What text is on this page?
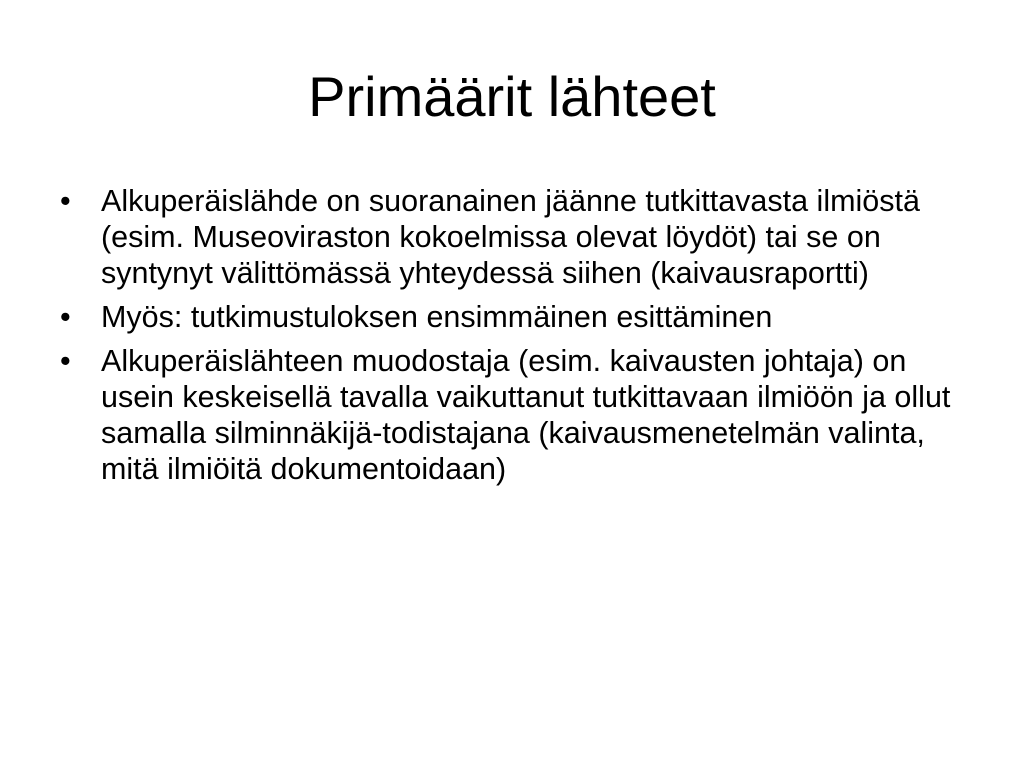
Primäärit lähteet
• Alkuperäislähde on suoranainen jäänne tutkittavasta ilmiöstä (esim. Museoviraston kokoelmissa olevat löydöt) tai se on syntynyt välittömässä yhteydessä siihen (kaivausraportti)
• Myös: tutkimustuloksen ensimmäinen esittäminen
• Alkuperäislähteen muodostaja (esim. kaivausten johtaja) on usein keskeisellä tavalla vaikuttanut tutkittavaan ilmiöön ja ollut samalla silminnäkijä-todistajana (kaivausmenetelmän valinta, mitä ilmiöitä dokumentoidaan)
